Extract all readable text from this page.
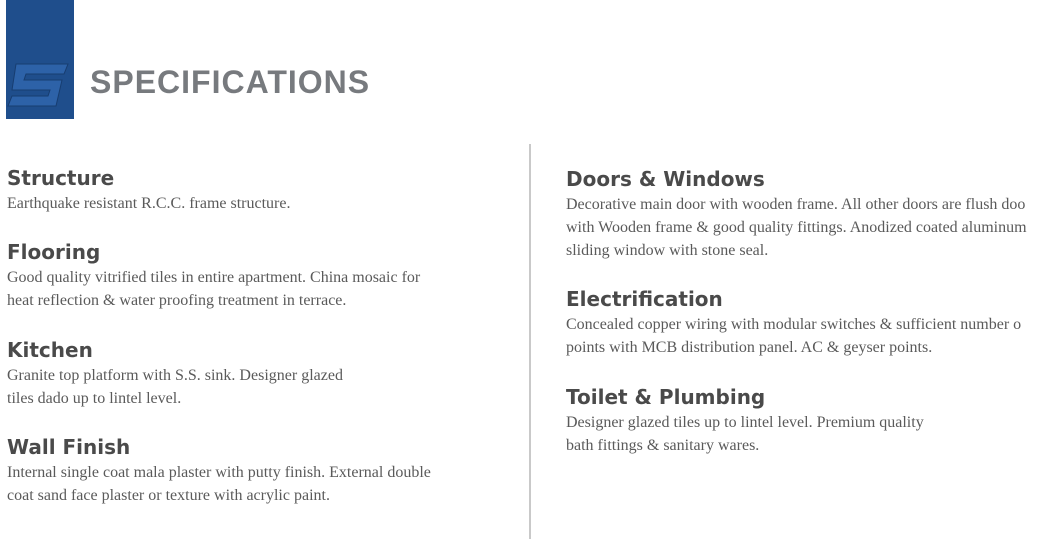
SPECIFICATIONS
Structure

Earthquake resistant R.C.C. frame structure.

Flooring

Good quality vitrified tiles in entire apartment. China mosaic for

heat reflection & water proofing treatment in terrace.

Kitchen

Granite top platform with S.S. sink. Designer glazed

tiles dado up to lintel level.

Wall Finish

Internal single coat mala plaster with putty finish. External double

coat sand face plaster or texture with acrylic paint.

Doors & Windows

Decorative main door with wooden frame. All other doors are flush doo

with Wooden frame & good quality fittings. Anodized coated aluminum

sliding window with stone seal.

Electrification

Concealed copper wiring with modular switches & sufficient number o

points with MCB distribution panel. AC & geyser points.

Toilet & Plumbing

Designer glazed tiles up to lintel level. Premium quality

bath fittings & sanitary wares.
